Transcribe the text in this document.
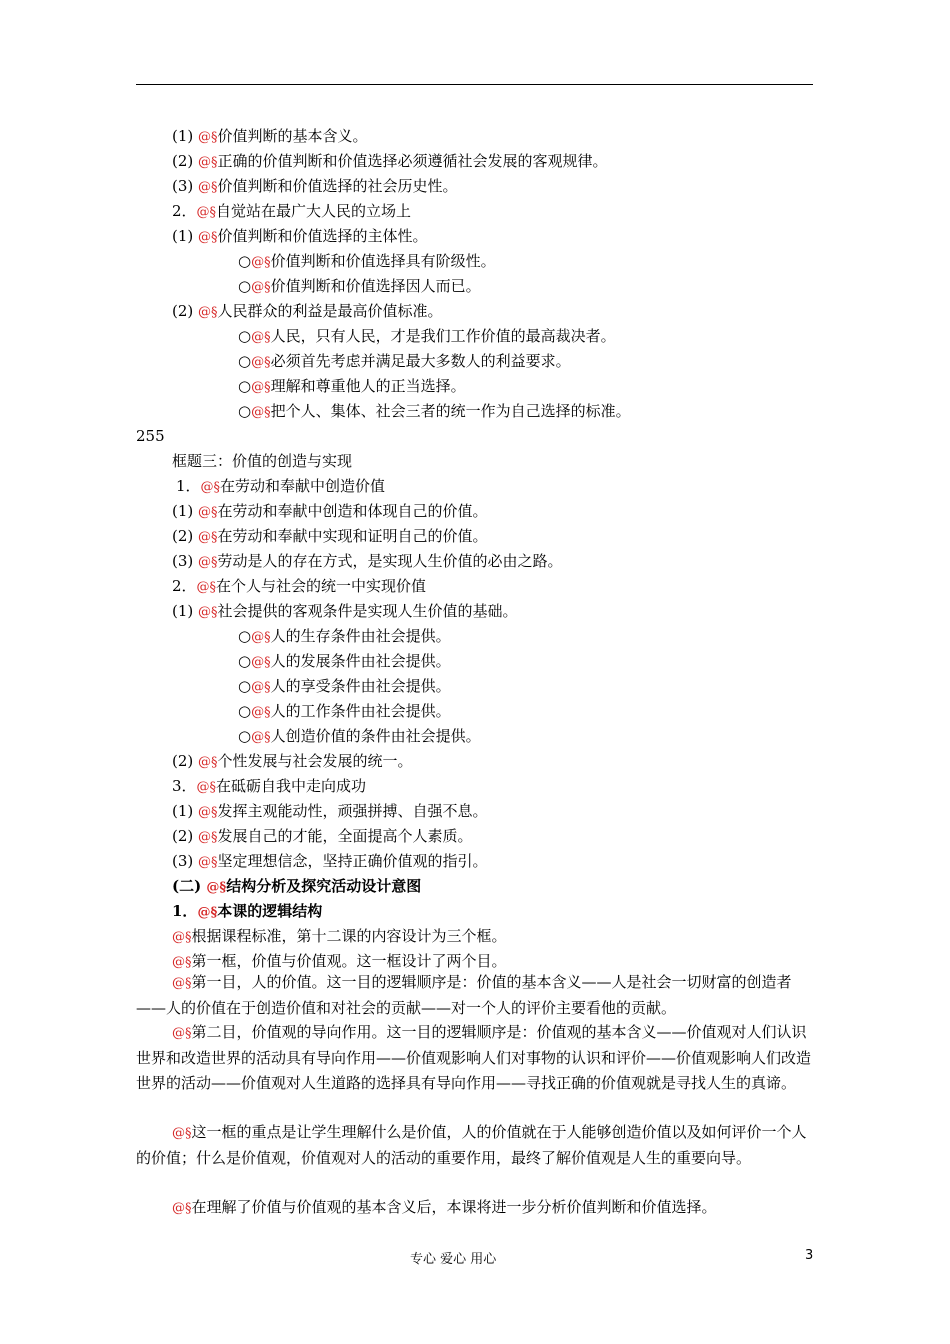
(1) @§价值判断的基本含义。
(2) @§正确的价值判断和价值选择必须遵循社会发展的客观规律。
(3) @§价值判断和价值选择的社会历史性。
2．@§自觉站在最广大人民的立场上
(1) @§价值判断和价值选择的主体性。
○@§价值判断和价值选择具有阶级性。
○@§价值判断和价值选择因人而已。
(2) @§人民群众的利益是最高价值标准。
○@§人民，只有人民，才是我们工作价值的最高裁决者。
○@§必须首先考虑并满足最大多数人的利益要求。
○@§理解和尊重他人的正当选择。
○@§把个人、集体、社会三者的统一作为自己选择的标准。
255
框题三：价值的创造与实现
1．@§在劳动和奉献中创造价值
(1) @§在劳动和奉献中创造和体现自己的价值。
(2) @§在劳动和奉献中实现和证明自己的价值。
(3) @§劳动是人的存在方式，是实现人生价值的必由之路。
2．@§在个人与社会的统一中实现价值
(1) @§社会提供的客观条件是实现人生价值的基础。
○@§人的生存条件由社会提供。
○@§人的发展条件由社会提供。
○@§人的享受条件由社会提供。
○@§人的工作条件由社会提供。
○@§人创造价值的条件由社会提供。
(2) @§个性发展与社会发展的统一。
3．@§在砥砺自我中走向成功
(1) @§发挥主观能动性，顽强拼搏、自强不息。
(2) @§发展自己的才能，全面提高个人素质。
(3) @§坚定理想信念，坚持正确价值观的指引。
(二) @§结构分析及探究活动设计意图
1．@§本课的逻辑结构
@§根据课程标准，第十二课的内容设计为三个框。
@§第一框，价值与价值观。这一框设计了两个目。
@§第一目，人的价值。这一目的逻辑顺序是：价值的基本含义——人是社会一切财富的创造者——人的价值在于创造价值和对社会的贡献——对一个人的评价主要看他的贡献。
@§第二目，价值观的导向作用。这一目的逻辑顺序是：价值观的基本含义——价值观对人们认识世界和改造世界的活动具有导向作用——价值观影响人们对事物的认识和评价——价值观影响人们改造世界的活动——价值观对人生道路的选择具有导向作用——寻找正确的价值观就是寻找人生的真谛。
@§这一框的重点是让学生理解什么是价值，人的价值就在于人能够创造价值以及如何评价一个人的价值；什么是价值观，价值观对人的活动的重要作用，最终了解价值观是人生的重要向导。
@§在理解了价值与价值观的基本含义后，本课将进一步分析价值判断和价值选择。
专心 爱心 用心	3
